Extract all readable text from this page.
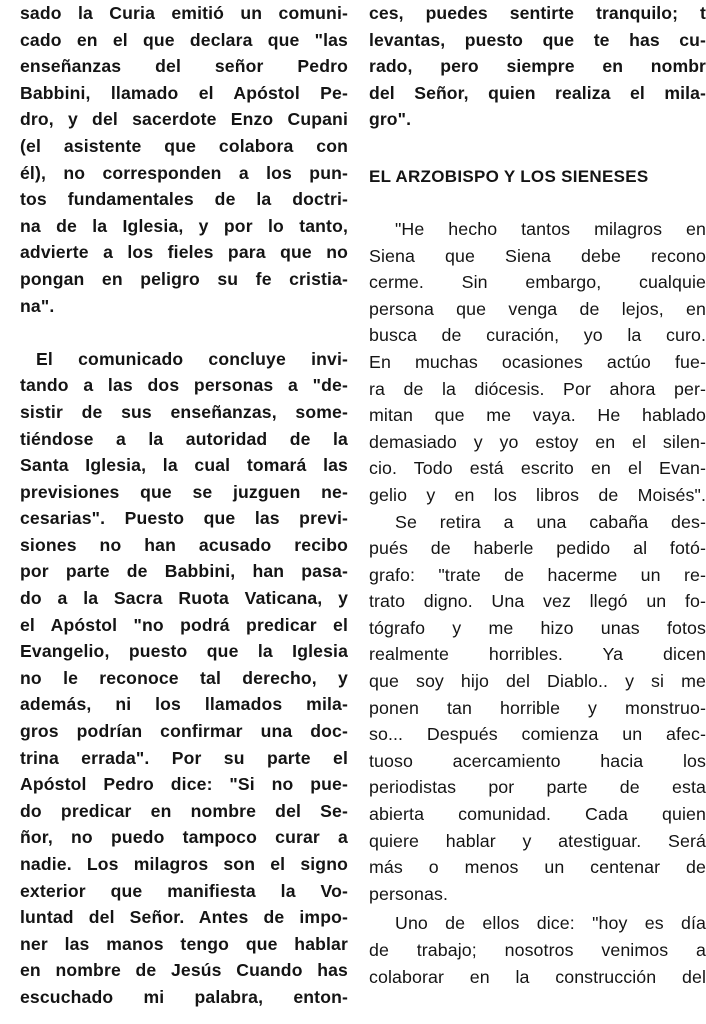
sado la Curia emitió un comuni-
cado en el que declara que "las
enseñanzas del señor Pedro
Babbini, llamado el Apóstol Pe-
dro, y del sacerdote Enzo Cupani
(el asistente que colabora con
él), no corresponden a los pun-
tos fundamentales de la doctri-
na de la Iglesia, y por lo tanto,
advierte a los fieles para que no
pongan en peligro su fe cristia-
na".
El comunicado concluye invi-
tando a las dos personas a "de-
sistir de sus enseñanzas, some-
tiéndose a la autoridad de la
Santa Iglesia, la cual tomará las
previsiones que se juzguen ne-
cesarias". Puesto que las previ-
siones no han acusado recibo
por parte de Babbini, han pasa-
do a la Sacra Ruota Vaticana, y
el Apóstol "no podrá predicar el
Evangelio, puesto que la Iglesia
no le reconoce tal derecho, y
además, ni los llamados mila-
gros podrían confirmar una doc-
trina errada". Por su parte el
Apóstol Pedro dice: "Si no pue-
do predicar en nombre del Se-
ñor, no puedo tampoco curar a
nadie. Los milagros son el signo
exterior que manifiesta la Vo-
luntad del Señor. Antes de impo-
ner las manos tengo que hablar
en nombre de Jesús Cuando has
escuchado mi palabra, enton-
ces, puedes sentirte tranquilo; t
levantas, puesto que te has cu-
rado, pero siempre en nombr
del Señor, quien realiza el mila-
gro".
EL ARZOBISPO Y LOS SIENESES
"He hecho tantos milagros en
Siena que Siena debe recono
cerme. Sin embargo, cualquie
persona que venga de lejos, en
busca de curación, yo la curo.
En muchas ocasiones actúo fue-
ra de la diócesis. Por ahora per-
mitan que me vaya. He hablado
demasiado y yo estoy en el silen-
cio. Todo está escrito en el Evan-
gelio y en los libros de Moisés".
Se retira a una cabaña des-
pués de haberle pedido al fotó-
grafo: "trate de hacerme un re-
trato digno. Una vez llegó un fo-
tógrafo y me hizo unas fotos
realmente horribles. Ya dicen
que soy hijo del Diablo.. y si me
ponen tan horrible y monstruo-
so... Después comienza un afec-
tuoso acercamiento hacia los
periodistas por parte de esta
abierta comunidad. Cada quien
quiere hablar y atestiguar. Será
más o menos un centenar de
personas.
Uno de ellos dice: "hoy es día
de trabajo; nosotros venimos a
colaborar en la construcción del
